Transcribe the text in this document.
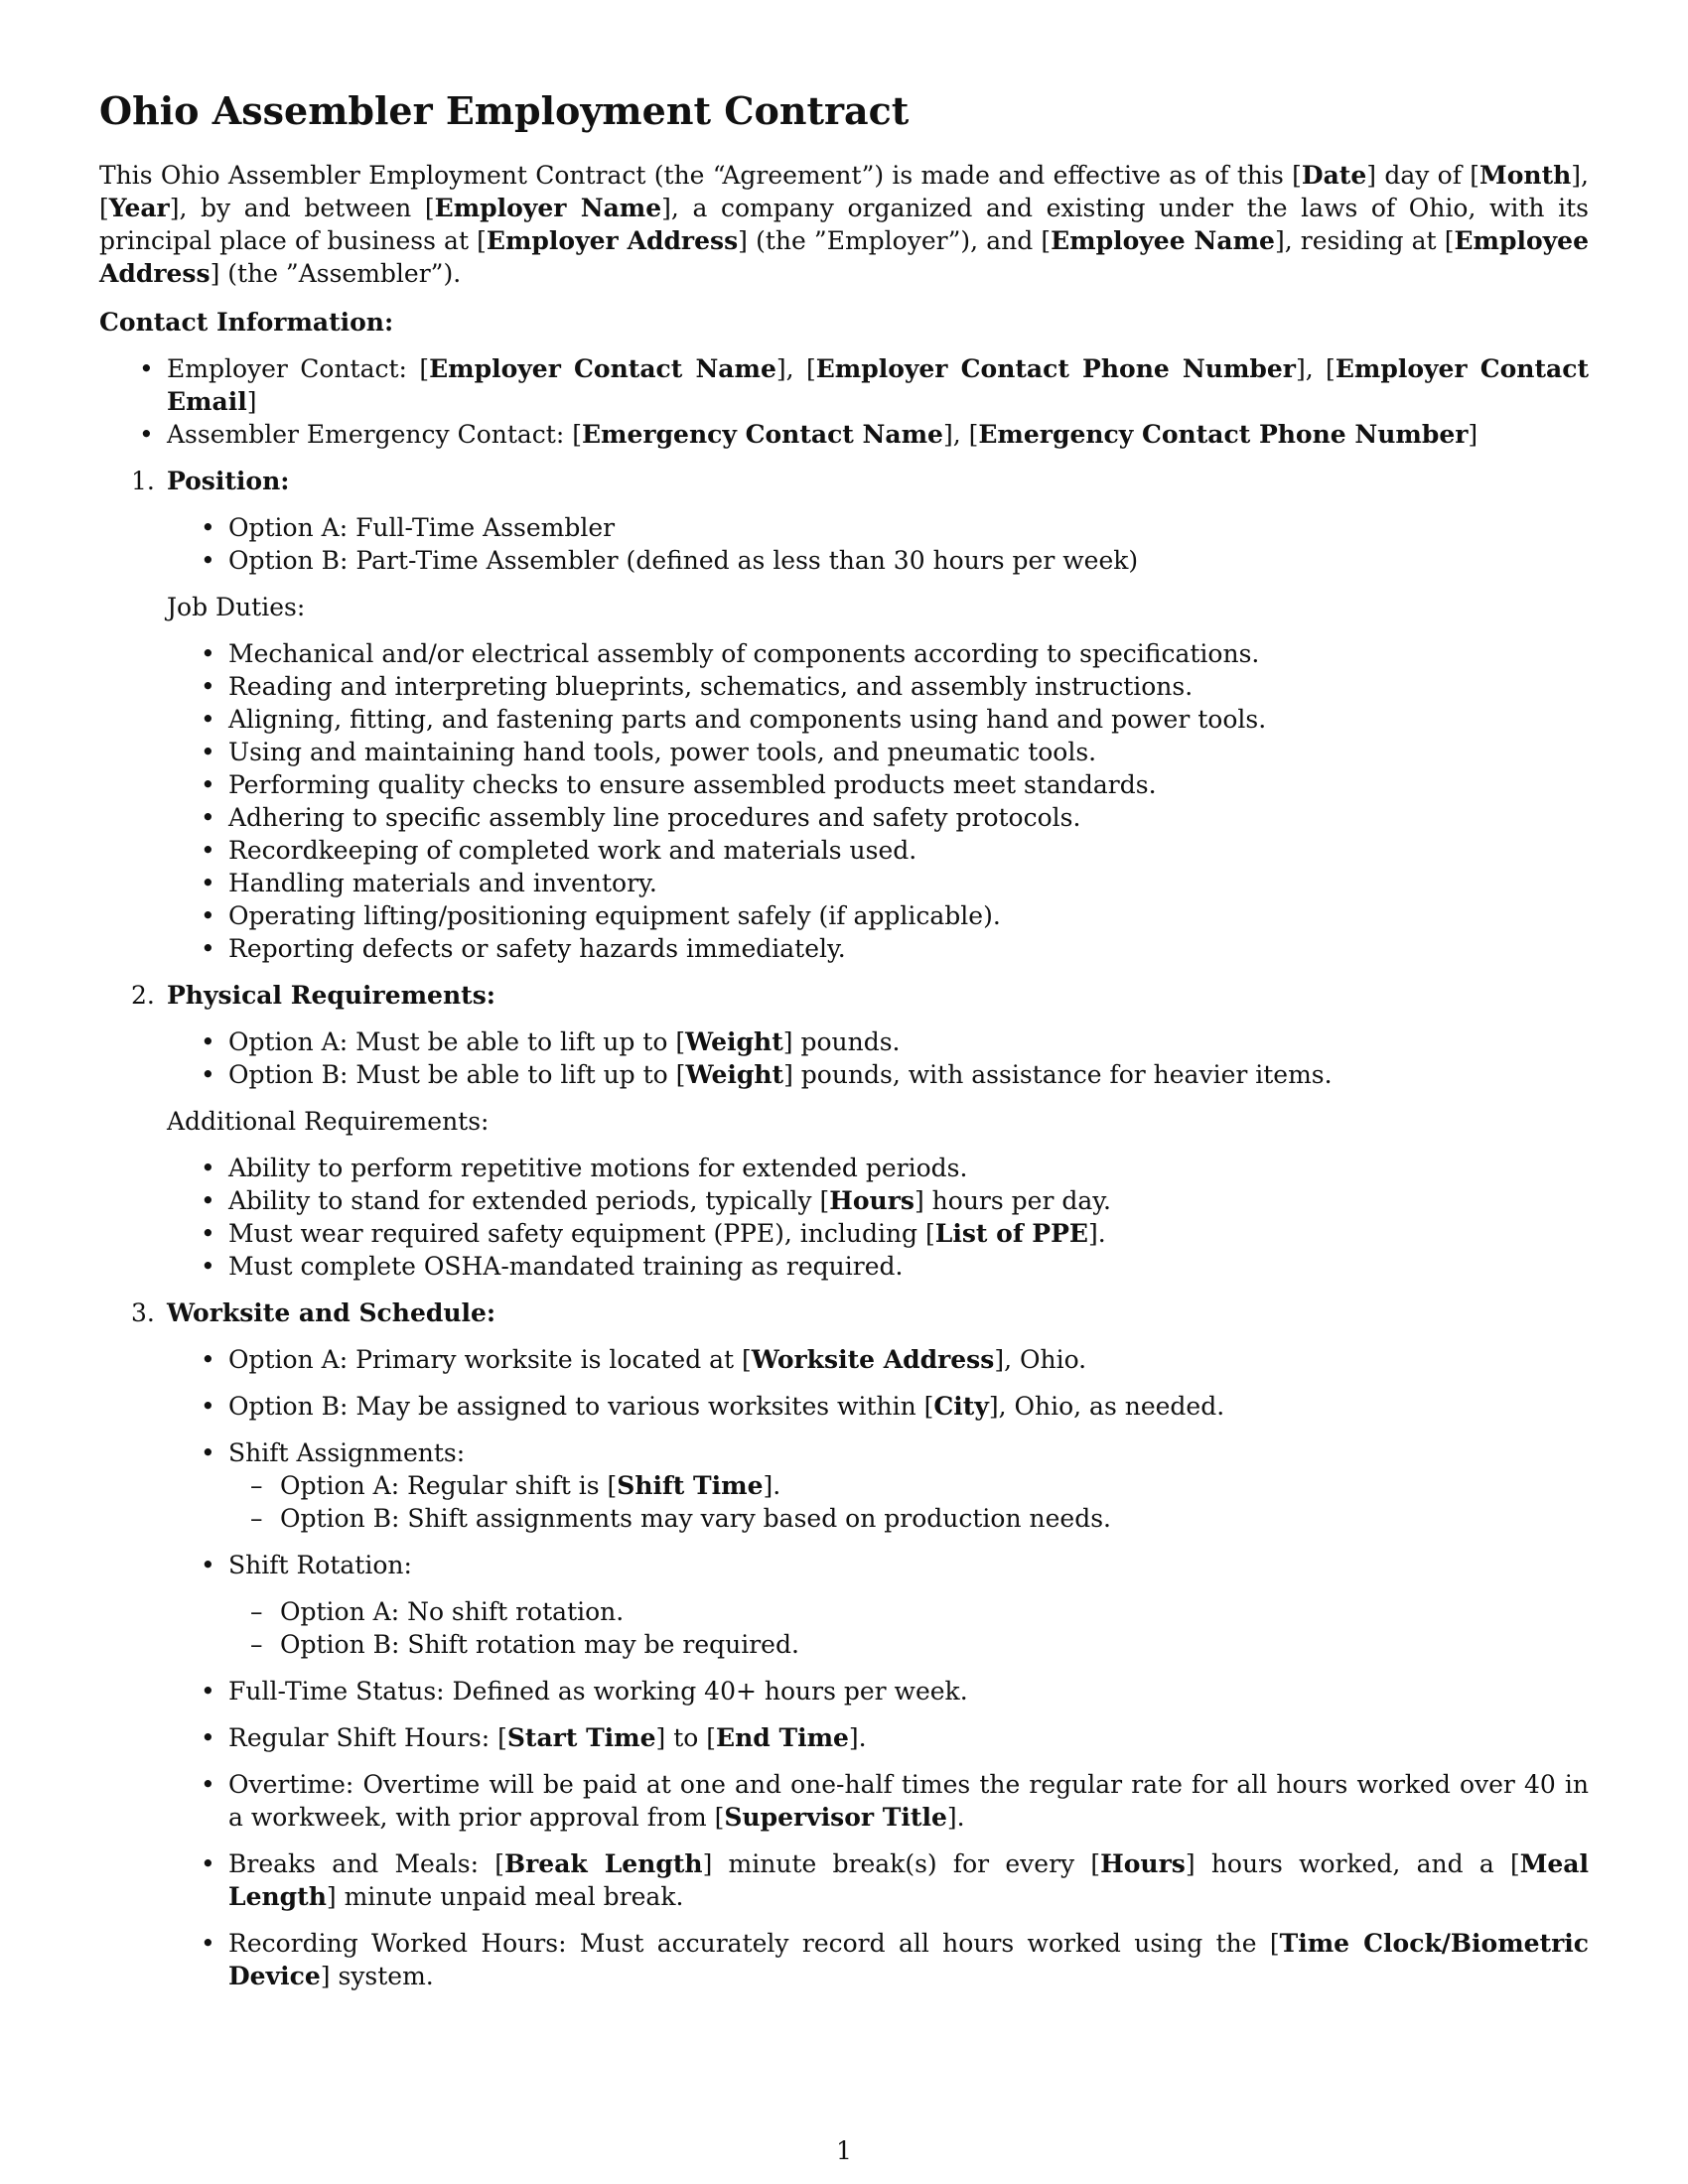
Ohio Assembler Employment Contract

This Ohio Assembler Employment Contract (the “Agreement”) is made and effective as of this [Date] day of [Month], [Year], by and between [Employer Name], a company organized and existing under the laws of Ohio, with its principal place of business at [Employer Address] (the ”Employer”), and [Employee Name], residing at [Employee Address] (the ”Assembler”).

Contact Information:

• Employer Contact: [Employer Contact Name], [Employer Contact Phone Number], [Employer Contact Email]

• Assembler Emergency Contact: [Emergency Contact Name], [Emergency Contact Phone Number]
1. Position:
• Option A: Full-Time Assembler
• Option B: Part-Time Assembler (defined as less than 30 hours per week)
Job Duties:
• Mechanical and/or electrical assembly of components according to specifications.
• Reading and interpreting blueprints, schematics, and assembly instructions.
• Aligning, fitting, and fastening parts and components using hand and power tools.
• Using and maintaining hand tools, power tools, and pneumatic tools.
• Performing quality checks to ensure assembled products meet standards.
• Adhering to specific assembly line procedures and safety protocols.
• Recordkeeping of completed work and materials used.
• Handling materials and inventory.
• Operating lifting/positioning equipment safely (if applicable).
• Reporting defects or safety hazards immediately.
2. Physical Requirements:
• Option A: Must be able to lift up to [Weight] pounds.
• Option B: Must be able to lift up to [Weight] pounds, with assistance for heavier items.
Additional Requirements:
• Ability to perform repetitive motions for extended periods.
• Ability to stand for extended periods, typically [Hours] hours per day.
• Must wear required safety equipment (PPE), including [List of PPE].
• Must complete OSHA-mandated training as required.
3. Worksite and Schedule:
• Option A: Primary worksite is located at [Worksite Address], Ohio.
• Option B: May be assigned to various worksites within [City], Ohio, as needed.
• Shift Assignments:
– Option A: Regular shift is [Shift Time].
– Option B: Shift assignments may vary based on production needs.
• Shift Rotation:
– Option A: No shift rotation.
– Option B: Shift rotation may be required.
• Full-Time Status: Defined as working 40+ hours per week.
• Regular Shift Hours: [Start Time] to [End Time].

• Overtime: Overtime will be paid at one and one-half times the regular rate for all hours worked over 40 in a workweek, with prior approval from [Supervisor Title].

• Breaks and Meals: [Break Length] minute break(s) for every [Hours] hours worked, and a [Meal Length] minute unpaid meal break.

• Recording Worked Hours: Must accurately record all hours worked using the [Time Clock/Biometric Device] system.

1
